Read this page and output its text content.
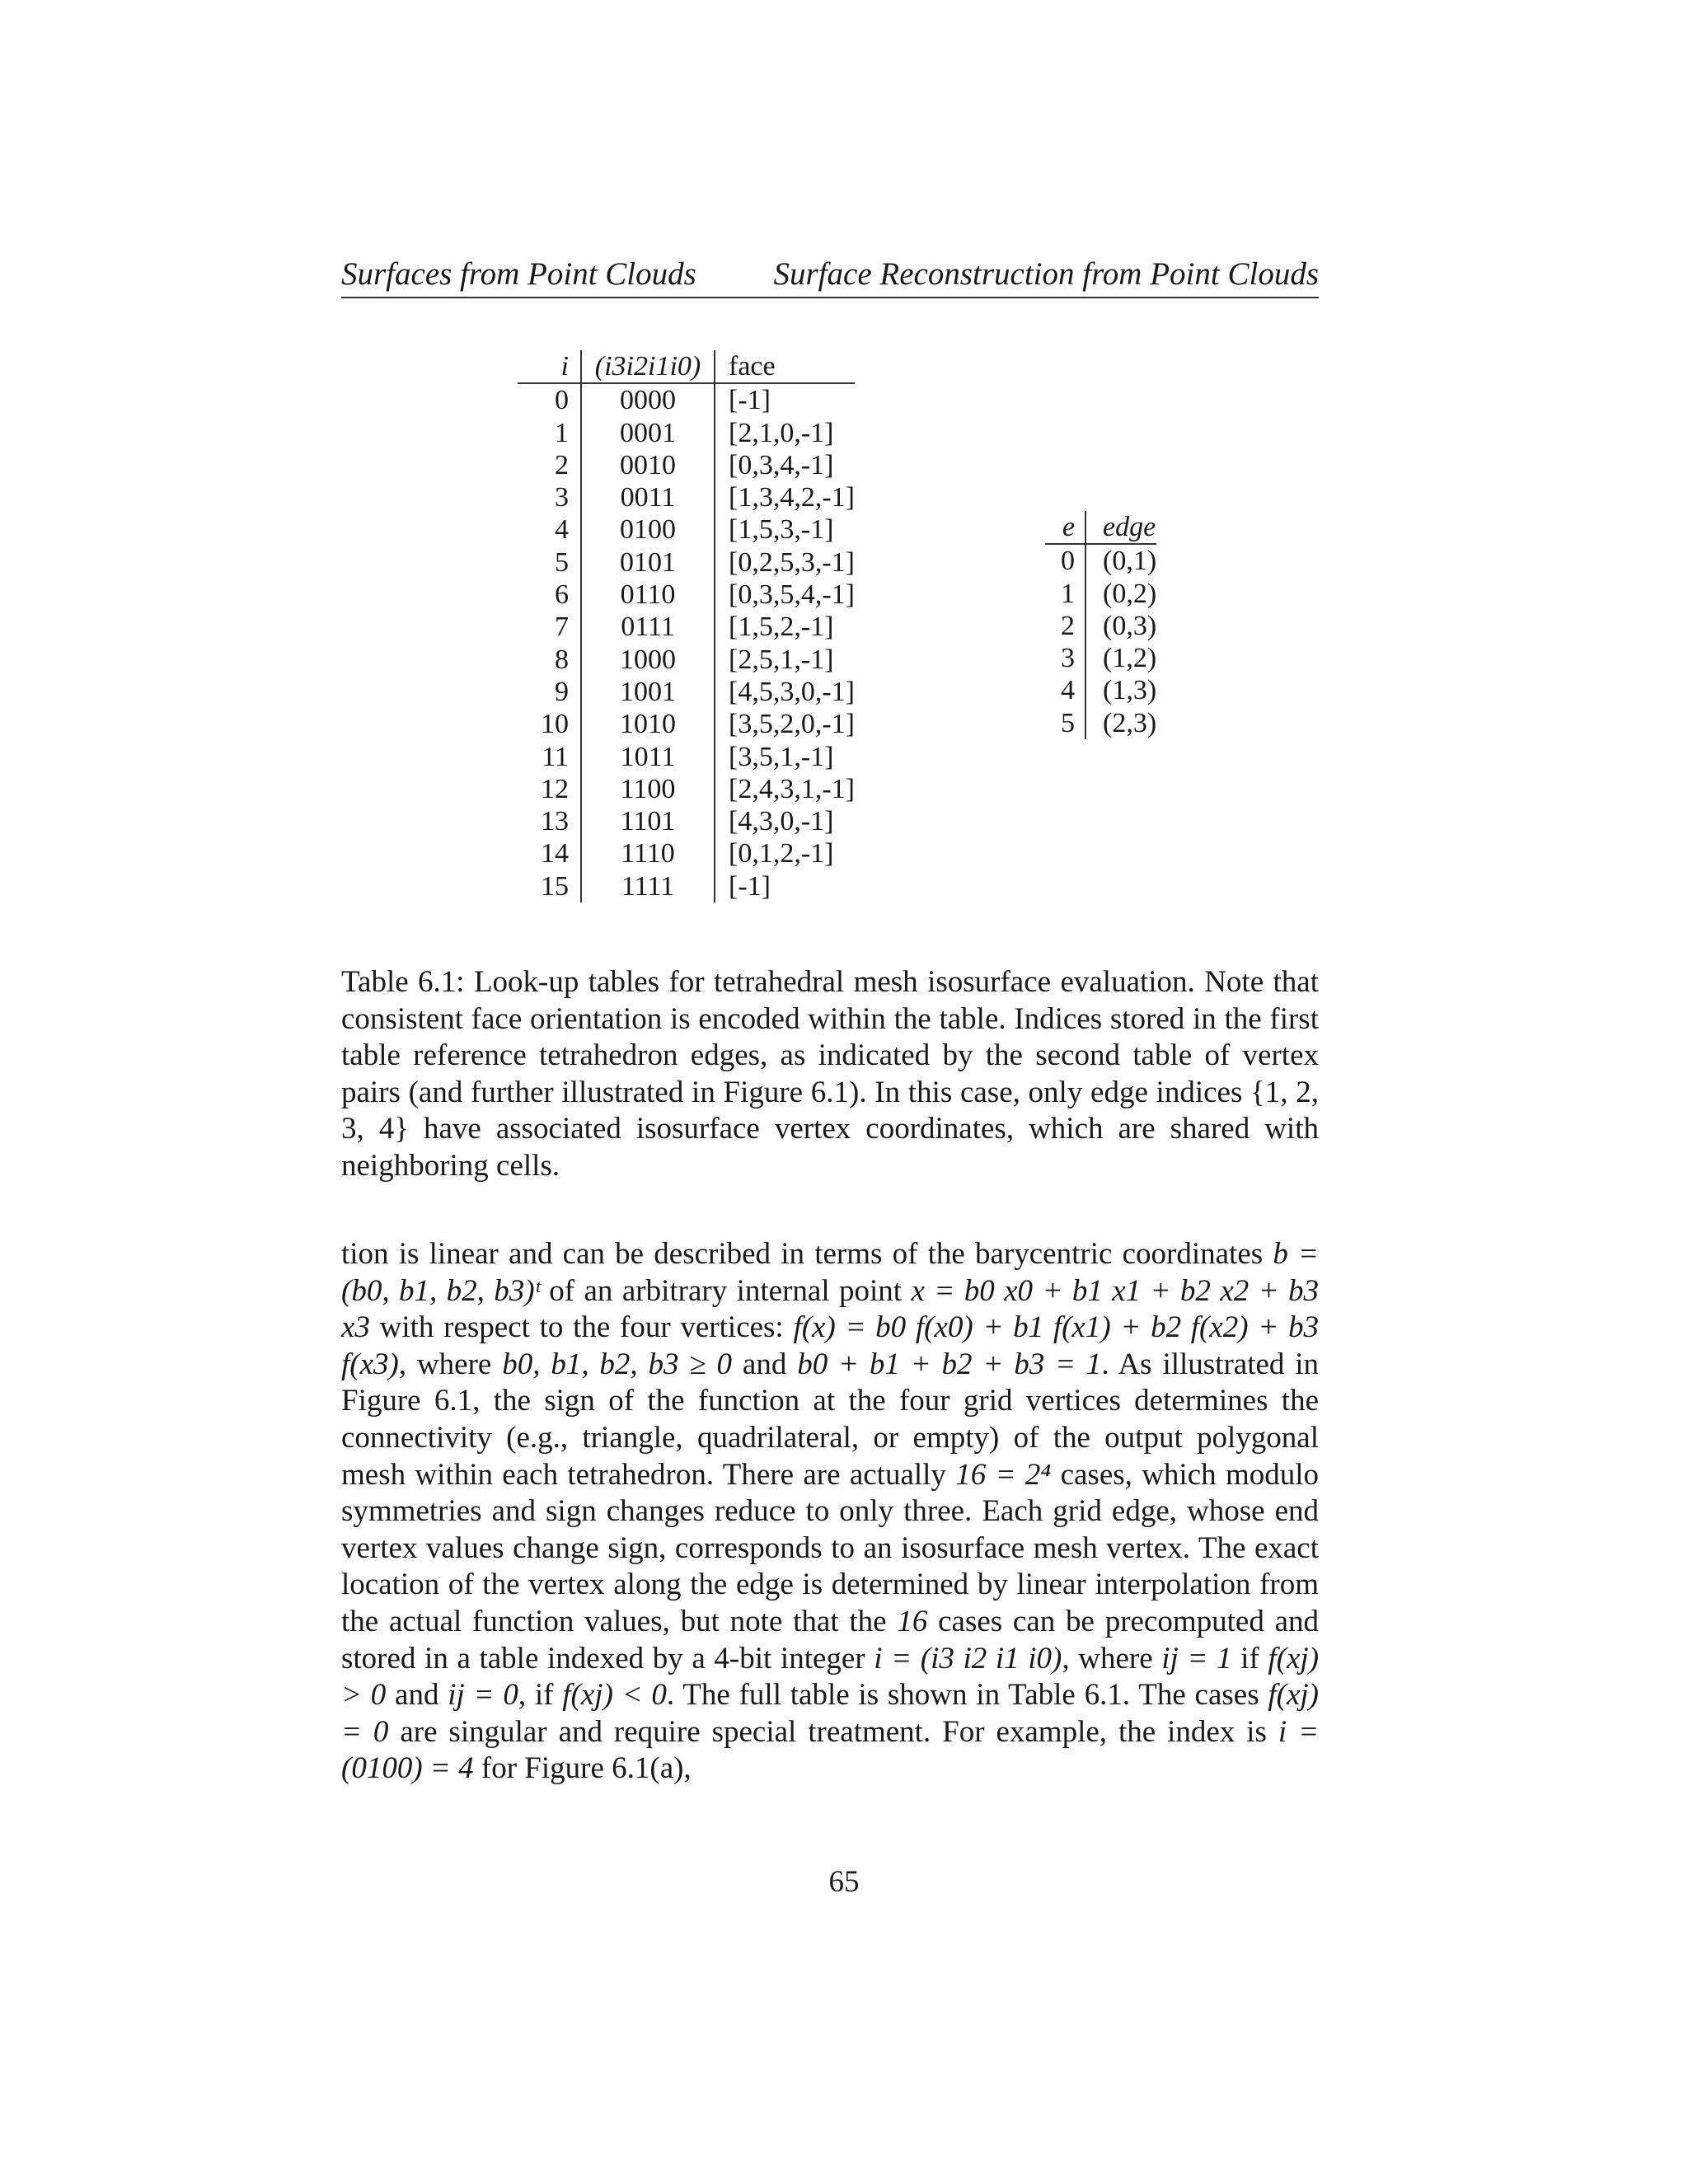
Surfaces from Point Clouds Surface Reconstruction from Point Clouds
i	(i3i2i1i0)	face
0	0000	[-1]
1	0001	[2,1,0,-1]
2	0010	[0,3,4,-1]
3	0011	[1,3,4,2,-1]
4	0100	[1,5,3,-1]
5	0101	[0,2,5,3,-1]
6	0110	[0,3,5,4,-1]
7	0111	[1,5,2,-1]
8	1000	[2,5,1,-1]
9	1001	[4,5,3,0,-1]
10	1010	[3,5,2,0,-1]
11	1011	[3,5,1,-1]
12	1100	[2,4,3,1,-1]
13	1101	[4,3,0,-1]
14	1110	[0,1,2,-1]
15	1111	[-1]
e	edge
0	(0,1)
1	(0,2)
2	(0,3)
3	(1,2)
4	(1,3)
5	(2,3)

Table 6.1: Look-up tables for tetrahedral mesh isosurface evaluation. Note that consistent face orientation is encoded within the table. Indices stored in the first table reference tetrahedron edges, as indicated by the second table of vertex pairs (and further illustrated in Figure 6.1). In this case, only edge indices {1, 2, 3, 4} have associated isosurface vertex coordinates, which are shared with neighboring cells.

tion is linear and can be described in terms of the barycentric coordinates b = (b0, b1, b2, b3)ᵗ of an arbitrary internal point x = b0 x0 + b1 x1 + b2 x2 + b3 x3 with respect to the four vertices: f(x) = b0 f(x0) + b1 f(x1) + b2 f(x2) + b3 f(x3), where b0, b1, b2, b3 ≥ 0 and b0 + b1 + b2 + b3 = 1. As illustrated in Figure 6.1, the sign of the function at the four grid vertices determines the connectivity (e.g., triangle, quadrilateral, or empty) of the output polygonal mesh within each tetrahedron. There are actually 16 = 2⁴ cases, which modulo symmetries and sign changes reduce to only three. Each grid edge, whose end vertex values change sign, corresponds to an isosurface mesh vertex. The exact location of the vertex along the edge is determined by linear interpolation from the actual function values, but note that the 16 cases can be precomputed and stored in a table indexed by a 4-bit integer i = (i3 i2 i1 i0), where ij = 1 if f(xj) > 0 and ij = 0, if f(xj) < 0. The full table is shown in Table 6.1. The cases f(xj) = 0 are singular and require special treatment. For example, the index is i = (0100) = 4 for Figure 6.1(a),

65
